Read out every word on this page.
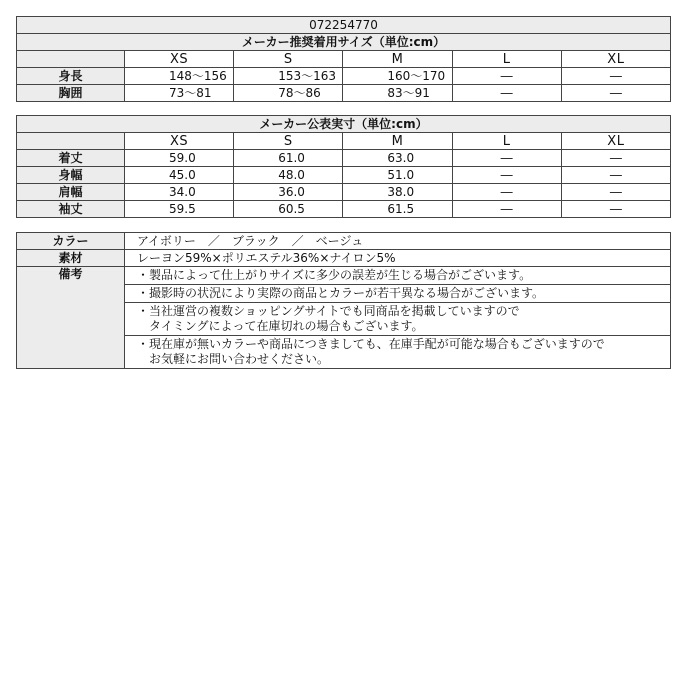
072254770					
メーカー推奨着用サイズ（単位:cm）					
	XS	S	M	L	XL
身長	148～156	153～163	160～170	―	―
胸囲	73～81	78～86	83～91	―	―
メーカー公表実寸（単位:cm）					
	XS	S	M	L	XL
着丈	59.0	61.0	63.0	―	―
身幅	45.0	48.0	51.0	―	―
肩幅	34.0	36.0	38.0	―	―
袖丈	59.5	60.5	61.5	―	―
カラー	アイボリー　／　ブラック　／　ベージュ
素材	レーヨン59%×ポリエステル36%×ナイロン5%
備考	・製品によって仕上がりサイズに多少の誤差が生じる場合がございます。

	・撮影時の状況により実際の商品とカラーが若干異なる場合がございます。

	・当社運営の複数ショッピングサイトでも同商品を掲載していますので
　タイミングによって在庫切れの場合もございます。

	・現在庫が無いカラーや商品につきましても、在庫手配が可能な場合もございますので
　お気軽にお問い合わせください。
